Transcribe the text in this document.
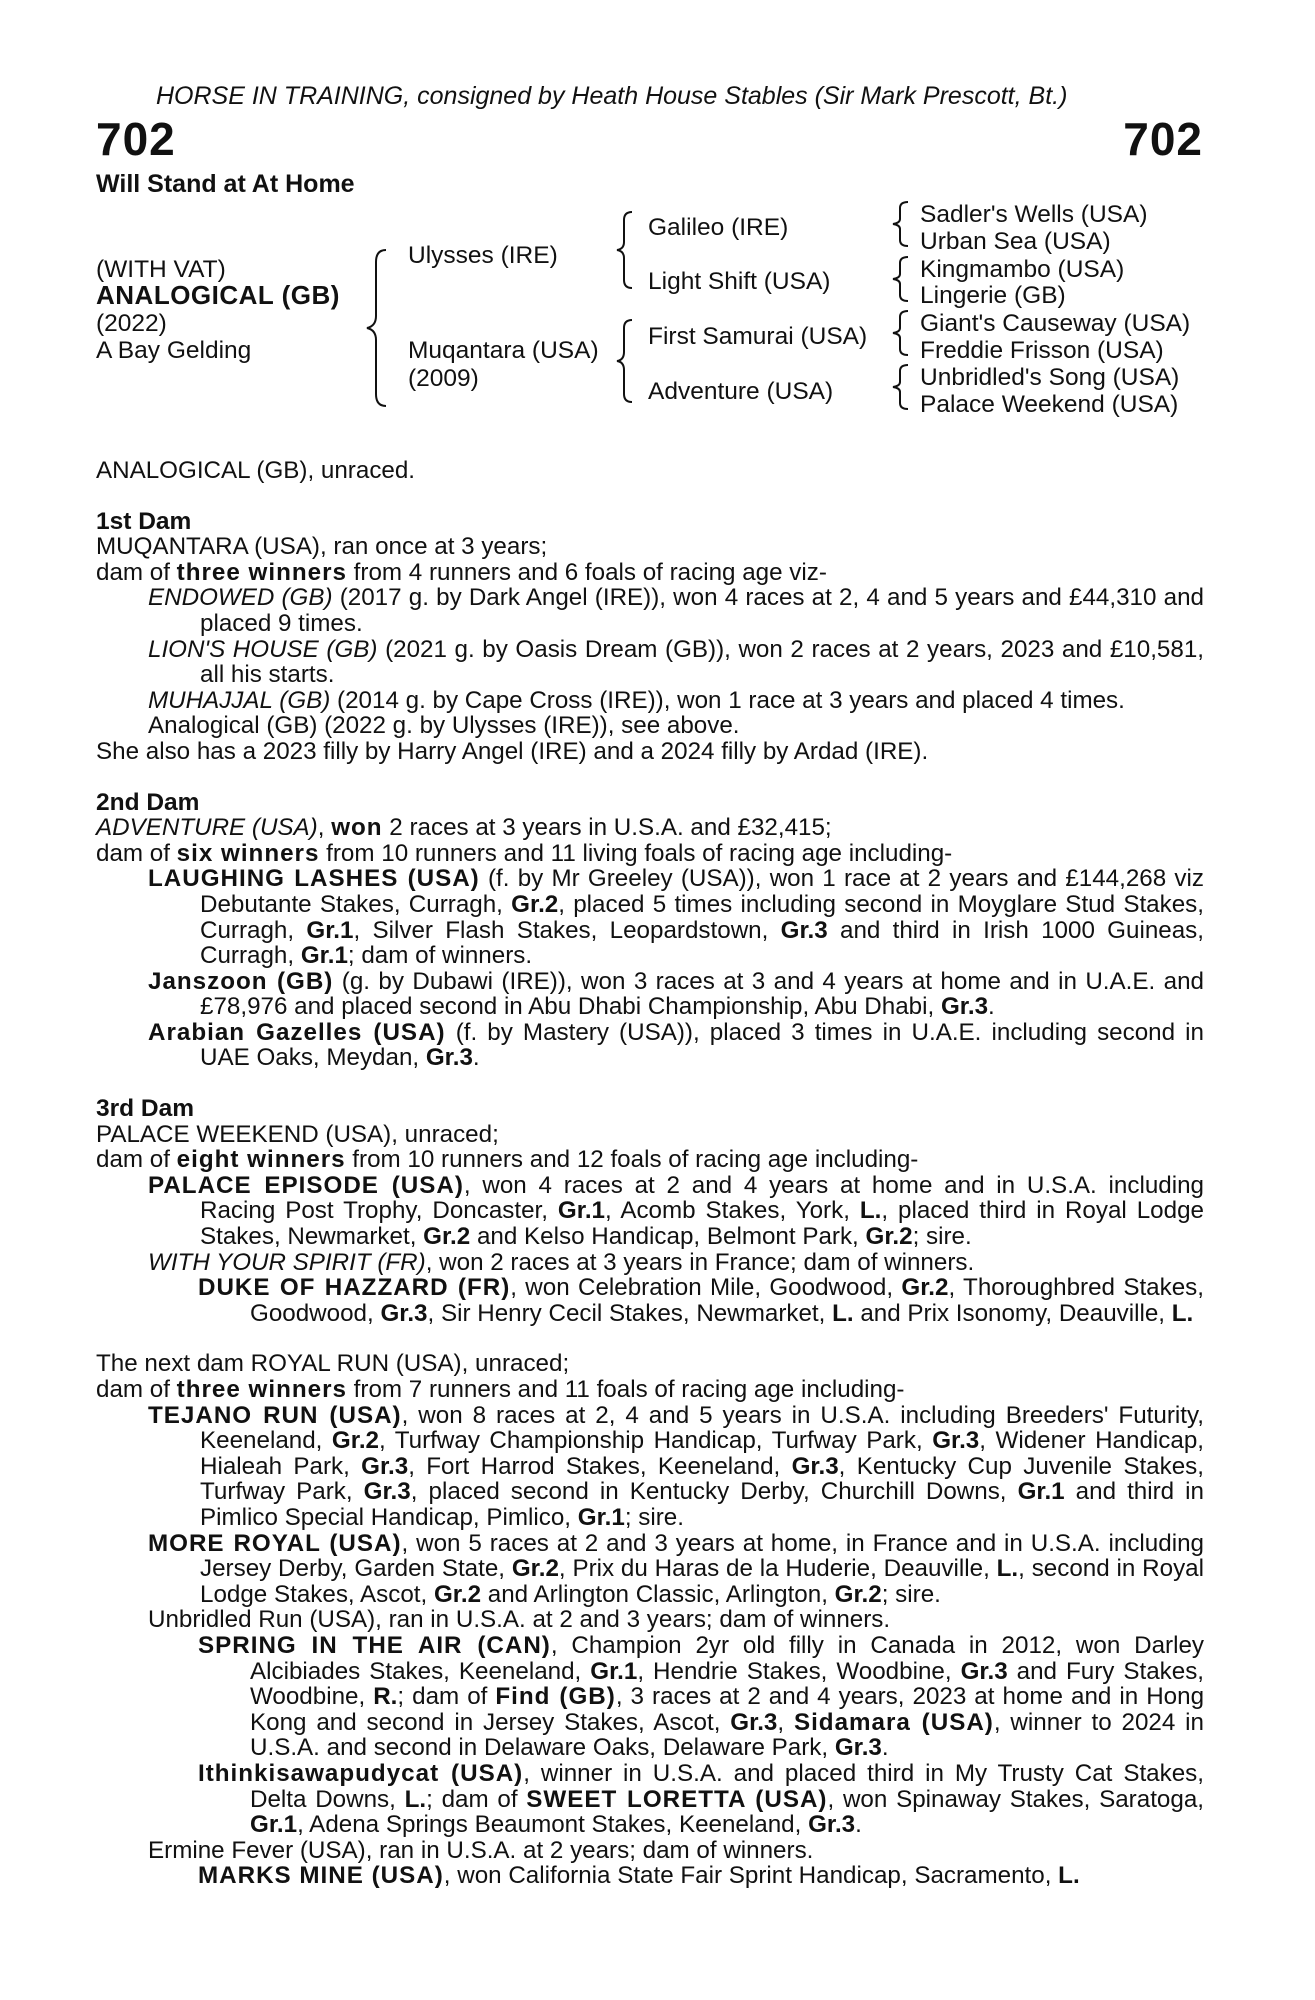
HORSE IN TRAINING, consigned by Heath House Stables (Sir Mark Prescott, Bt.)
702	702
Will Stand at At Home
(WITH VAT)
ANALOGICAL (GB)
(2022)
A Bay Gelding
Ulysses (IRE)
Muqantara (USA)
(2009)
Galileo (IRE)
Light Shift (USA)
First Samurai (USA)
Adventure (USA)
Sadler's Wells (USA)
Urban Sea (USA)
Kingmambo (USA)
Lingerie (GB)
Giant's Causeway (USA)
Freddie Frisson (USA)
Unbridled's Song (USA)
Palace Weekend (USA)

ANALOGICAL (GB), unraced.

1st Dam

MUQANTARA (USA), ran once at 3 years;

dam of three winners from 4 runners and 6 foals of racing age viz-

ENDOWED (GB) (2017 g. by Dark Angel (IRE)), won 4 races at 2, 4 and 5 years and £44,310 and placed 9 times.

LION'S HOUSE (GB) (2021 g. by Oasis Dream (GB)), won 2 races at 2 years, 2023 and £10,581, all his starts.

MUHAJJAL (GB) (2014 g. by Cape Cross (IRE)), won 1 race at 3 years and placed 4 times.

Analogical (GB) (2022 g. by Ulysses (IRE)), see above.

She also has a 2023 filly by Harry Angel (IRE) and a 2024 filly by Ardad (IRE).

2nd Dam

ADVENTURE (USA), won 2 races at 3 years in U.S.A. and £32,415;

dam of six winners from 10 runners and 11 living foals of racing age including-

LAUGHING LASHES (USA) (f. by Mr Greeley (USA)), won 1 race at 2 years and £144,268 viz Debutante Stakes, Curragh, Gr.2, placed 5 times including second in Moyglare Stud Stakes, Curragh, Gr.1, Silver Flash Stakes, Leopardstown, Gr.3 and third in Irish 1000 Guineas, Curragh, Gr.1; dam of winners.

Janszoon (GB) (g. by Dubawi (IRE)), won 3 races at 3 and 4 years at home and in U.A.E. and £78,976 and placed second in Abu Dhabi Championship, Abu Dhabi, Gr.3.

Arabian Gazelles (USA) (f. by Mastery (USA)), placed 3 times in U.A.E. including second in UAE Oaks, Meydan, Gr.3.

3rd Dam

PALACE WEEKEND (USA), unraced;

dam of eight winners from 10 runners and 12 foals of racing age including-

PALACE EPISODE (USA), won 4 races at 2 and 4 years at home and in U.S.A. including Racing Post Trophy, Doncaster, Gr.1, Acomb Stakes, York, L., placed third in Royal Lodge Stakes, Newmarket, Gr.2 and Kelso Handicap, Belmont Park, Gr.2; sire.

WITH YOUR SPIRIT (FR), won 2 races at 3 years in France; dam of winners.

DUKE OF HAZZARD (FR), won Celebration Mile, Goodwood, Gr.2, Thoroughbred Stakes, Goodwood, Gr.3, Sir Henry Cecil Stakes, Newmarket, L. and Prix Isonomy, Deauville, L.

The next dam ROYAL RUN (USA), unraced;

dam of three winners from 7 runners and 11 foals of racing age including-

TEJANO RUN (USA), won 8 races at 2, 4 and 5 years in U.S.A. including Breeders' Futurity, Keeneland, Gr.2, Turfway Championship Handicap, Turfway Park, Gr.3, Widener Handicap, Hialeah Park, Gr.3, Fort Harrod Stakes, Keeneland, Gr.3, Kentucky Cup Juvenile Stakes, Turfway Park, Gr.3, placed second in Kentucky Derby, Churchill Downs, Gr.1 and third in Pimlico Special Handicap, Pimlico, Gr.1; sire.

MORE ROYAL (USA), won 5 races at 2 and 3 years at home, in France and in U.S.A. including Jersey Derby, Garden State, Gr.2, Prix du Haras de la Huderie, Deauville, L., second in Royal Lodge Stakes, Ascot, Gr.2 and Arlington Classic, Arlington, Gr.2; sire.

Unbridled Run (USA), ran in U.S.A. at 2 and 3 years; dam of winners.

SPRING IN THE AIR (CAN), Champion 2yr old filly in Canada in 2012, won Darley Alcibiades Stakes, Keeneland, Gr.1, Hendrie Stakes, Woodbine, Gr.3 and Fury Stakes, Woodbine, R.; dam of Find (GB), 3 races at 2 and 4 years, 2023 at home and in Hong Kong and second in Jersey Stakes, Ascot, Gr.3, Sidamara (USA), winner to 2024 in U.S.A. and second in Delaware Oaks, Delaware Park, Gr.3.

Ithinkisawapudycat (USA), winner in U.S.A. and placed third in My Trusty Cat Stakes, Delta Downs, L.; dam of SWEET LORETTA (USA), won Spinaway Stakes, Saratoga, Gr.1, Adena Springs Beaumont Stakes, Keeneland, Gr.3.

Ermine Fever (USA), ran in U.S.A. at 2 years; dam of winners.

MARKS MINE (USA), won California State Fair Sprint Handicap, Sacramento, L.
